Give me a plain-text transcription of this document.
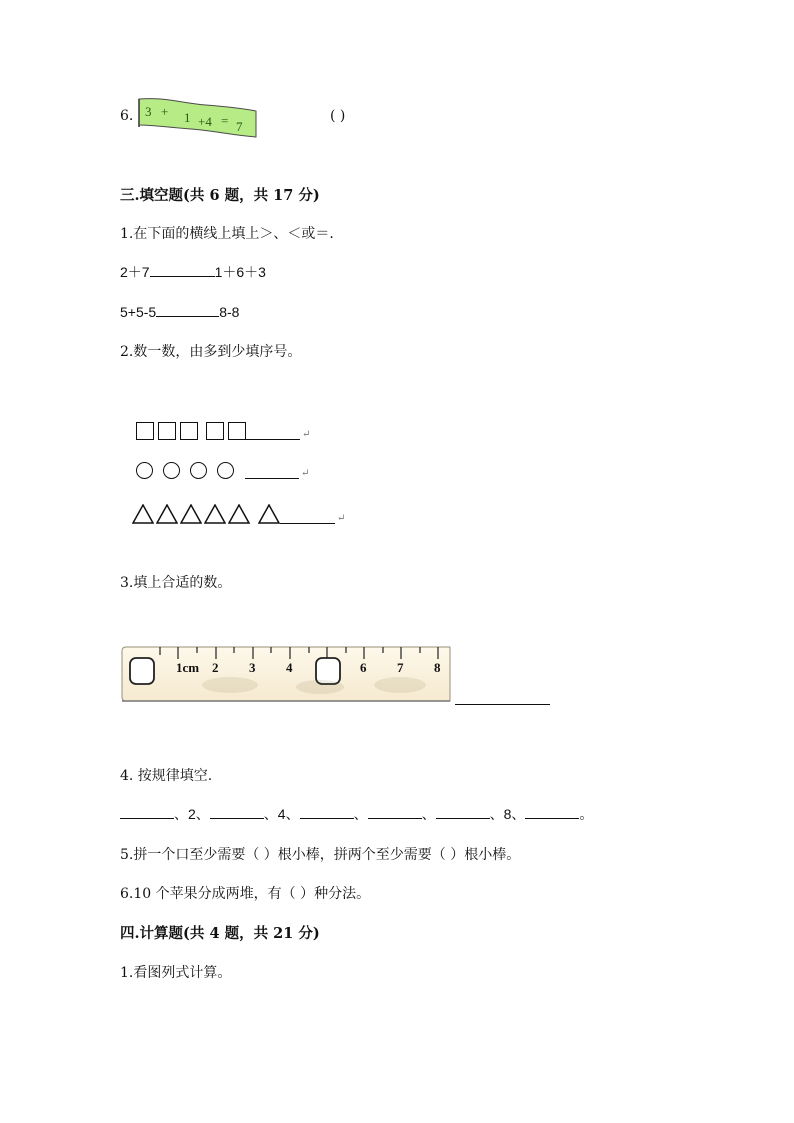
6. 3 + 1 +4 = 7
( )
三.填空题(共 6 题，共 17 分)
1.在下面的横线上填上＞、＜或＝.
2＋7	1＋6＋3
5+5-5	8-8
2.数一数，由多到少填序号。
↵
↵
↵
3.填上合适的数。
1cm 2 3 4	6 7 8
4. 按规律填空.
、2、	、4、	、	、	、8、	。
5.拼一个口至少需要（ ）根小棒，拼两个至少需要（ ）根小棒。
6.10 个苹果分成两堆，有（ ）种分法。
四.计算题(共 4 题，共 21 分)
1.看图列式计算。
